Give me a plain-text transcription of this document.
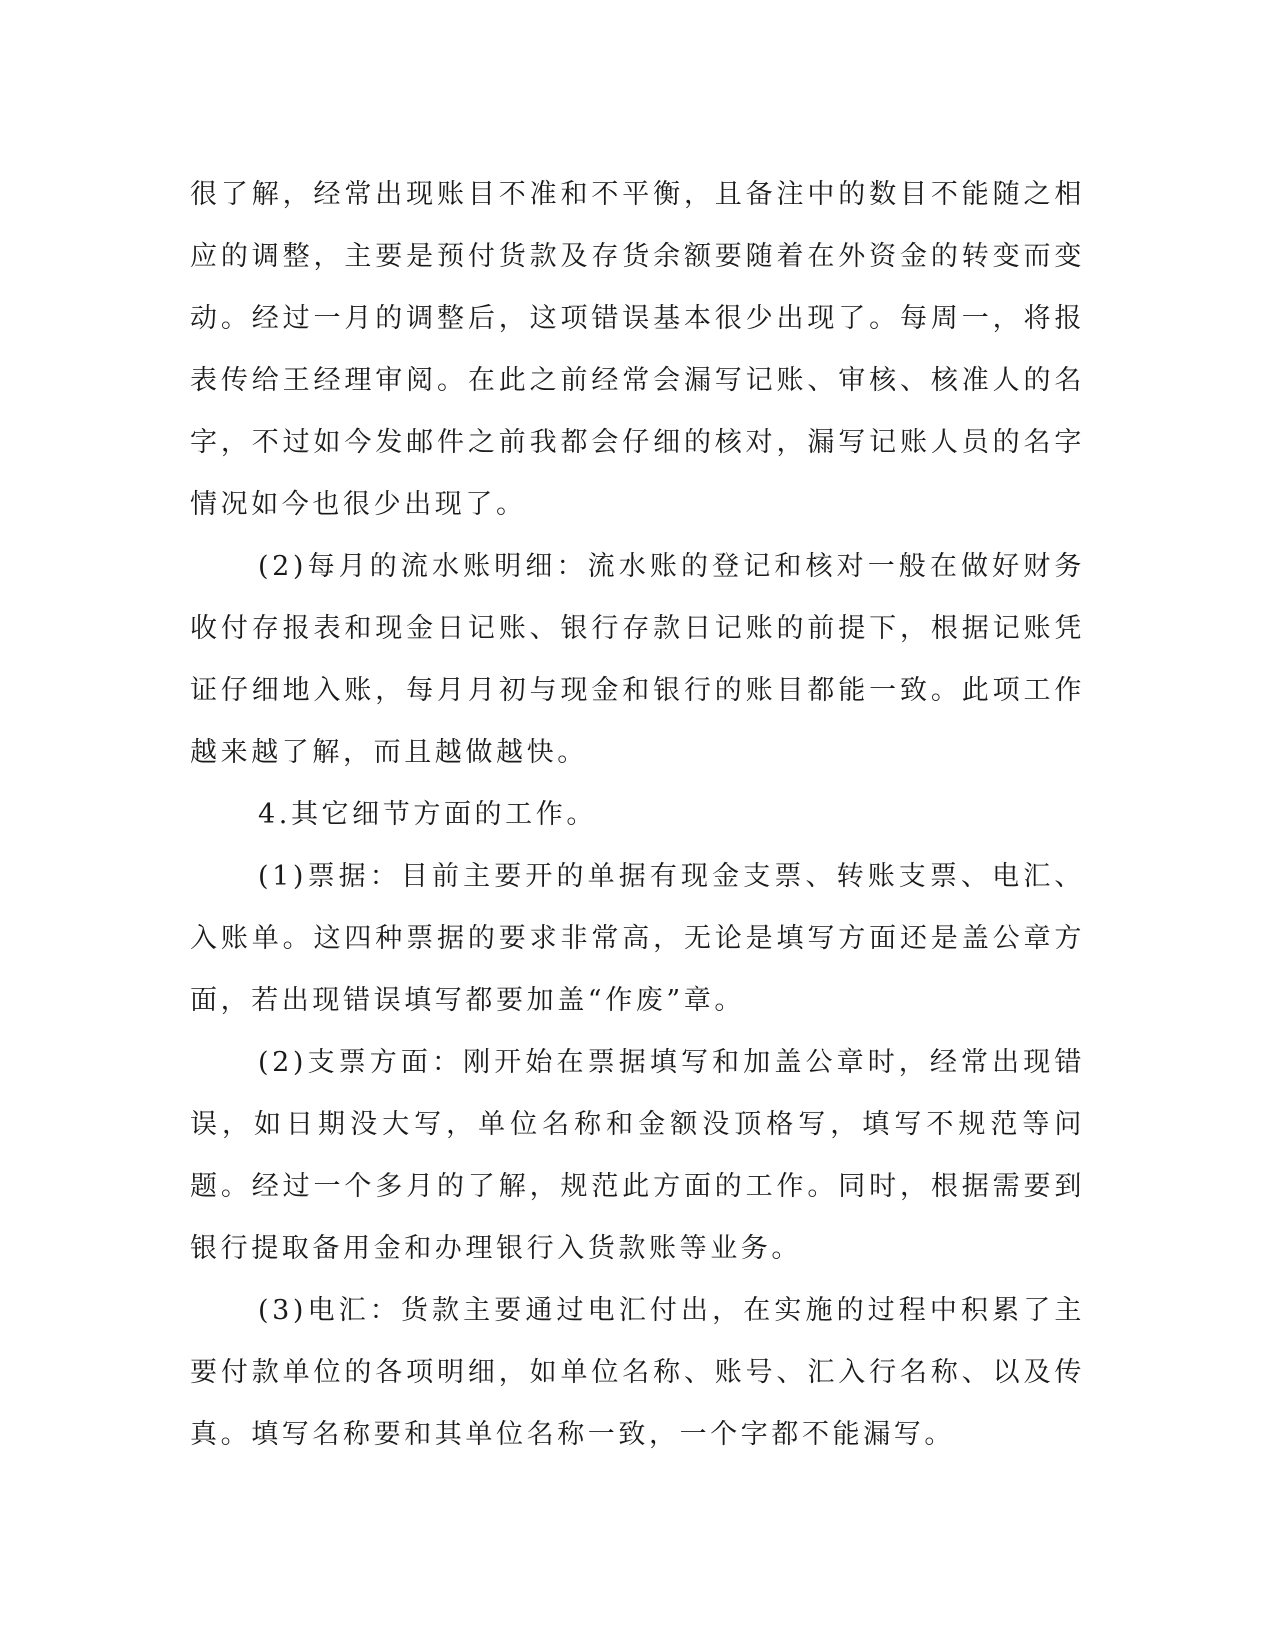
很了解，经常出现账目不准和不平衡，且备注中的数目不能随之相应的调整，主要是预付货款及存货余额要随着在外资金的转变而变动。经过一月的调整后，这项错误基本很少出现了。每周一，将报表传给王经理审阅。在此之前经常会漏写记账、审核、核准人的名字，不过如今发邮件之前我都会仔细的核对，漏写记账人员的名字情况如今也很少出现了。

(2)每月的流水账明细：流水账的登记和核对一般在做好财务收付存报表和现金日记账、银行存款日记账的前提下，根据记账凭证仔细地入账，每月月初与现金和银行的账目都能一致。此项工作越来越了解，而且越做越快。

4.其它细节方面的工作。

(1)票据：目前主要开的单据有现金支票、转账支票、电汇、入账单。这四种票据的要求非常高，无论是填写方面还是盖公章方面，若出现错误填写都要加盖“作废”章。

(2)支票方面：刚开始在票据填写和加盖公章时，经常出现错误，如日期没大写，单位名称和金额没顶格写，填写不规范等问题。经过一个多月的了解，规范此方面的工作。同时，根据需要到银行提取备用金和办理银行入货款账等业务。

(3)电汇：货款主要通过电汇付出，在实施的过程中积累了主要付款单位的各项明细，如单位名称、账号、汇入行名称、以及传真。填写名称要和其单位名称一致，一个字都不能漏写。
